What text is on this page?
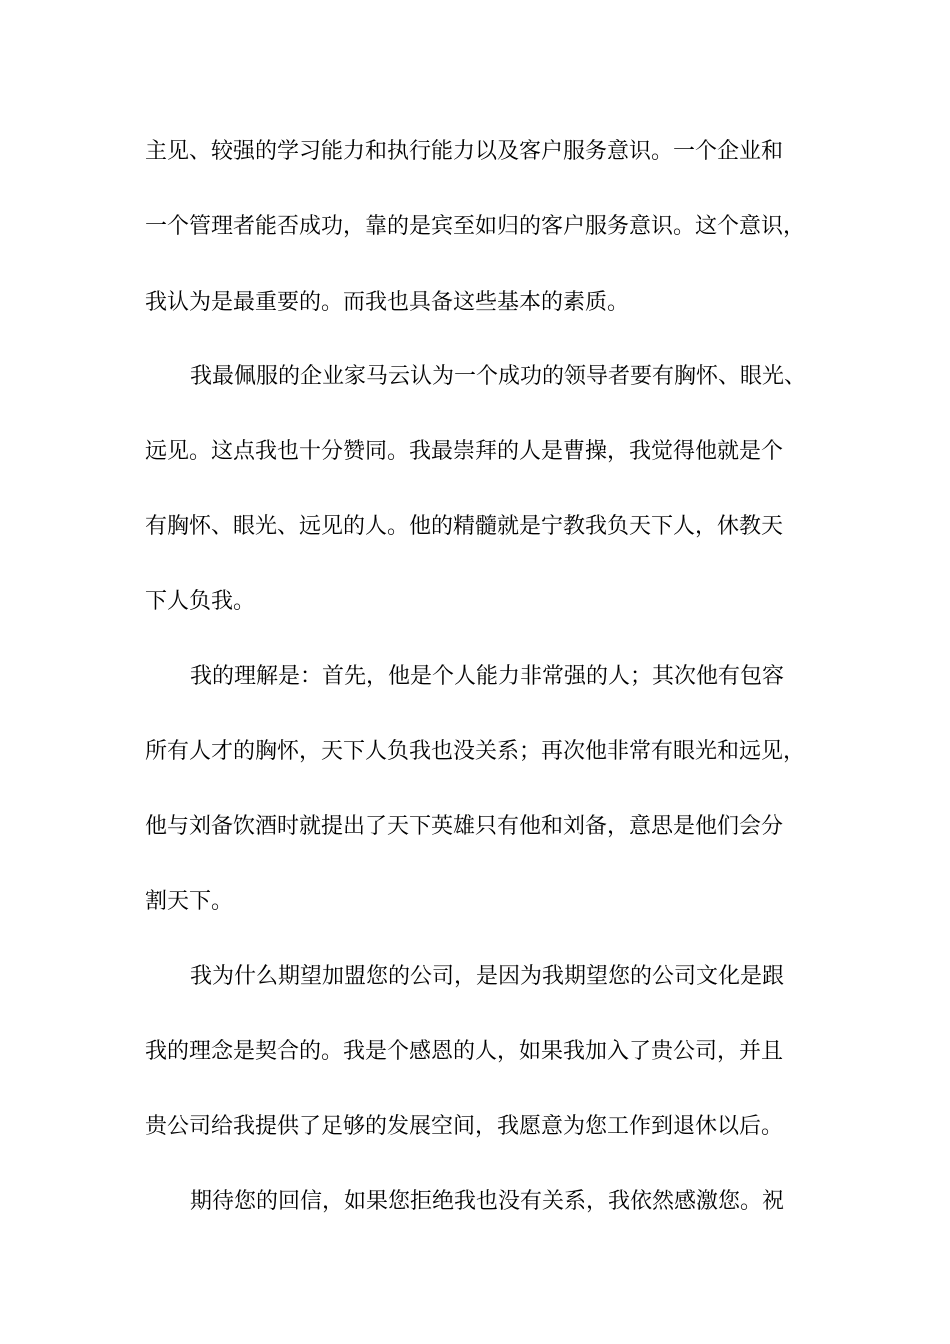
主见、较强的学习能力和执行能力以及客户服务意识。一个企业和

一个管理者能否成功，靠的是宾至如归的客户服务意识。这个意识，

我认为是最重要的。而我也具备这些基本的素质。

我最佩服的企业家马云认为一个成功的领导者要有胸怀、眼光、

远见。这点我也十分赞同。我最崇拜的人是曹操，我觉得他就是个

有胸怀、眼光、远见的人。他的精髓就是宁教我负天下人，休教天

下人负我。

我的理解是：首先，他是个人能力非常强的人；其次他有包容

所有人才的胸怀，天下人负我也没关系；再次他非常有眼光和远见，

他与刘备饮酒时就提出了天下英雄只有他和刘备，意思是他们会分

割天下。

我为什么期望加盟您的公司，是因为我期望您的公司文化是跟

我的理念是契合的。我是个感恩的人，如果我加入了贵公司，并且

贵公司给我提供了足够的发展空间，我愿意为您工作到退休以后。

期待您的回信，如果您拒绝我也没有关系，我依然感激您。祝
